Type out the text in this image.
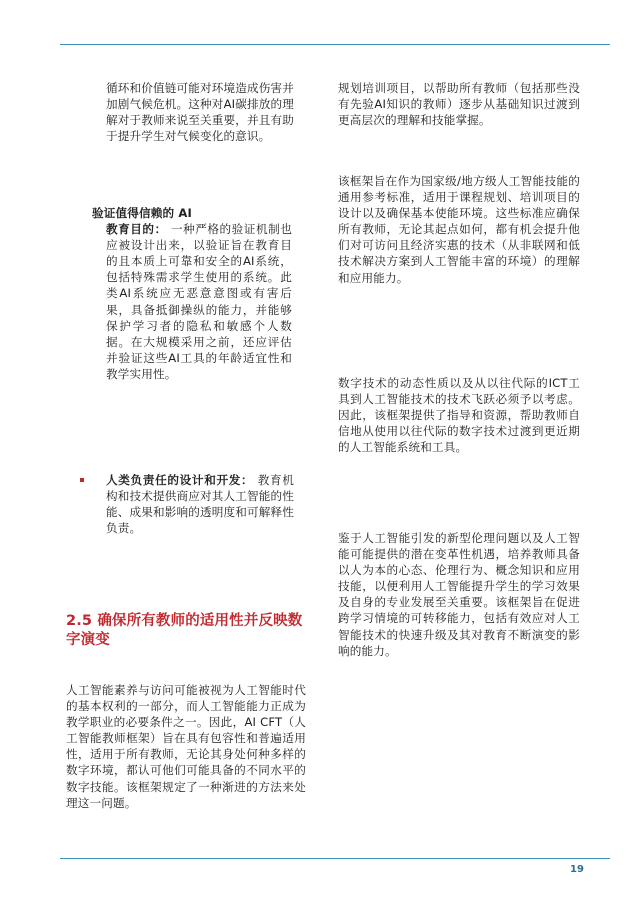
循环和价值链可能对环境造成伤害并加剧气候危机。这种对AI碳排放的理解对于教师来说至关重要，并且有助于提升学生对气候变化的意识。

验证值得信赖的 AI

教育目的： 一种严格的验证机制也应被设计出来，以验证旨在教育目的且本质上可靠和安全的AI系统，包括特殊需求学生使用的系统。此类AI系统应无恶意意图或有害后果，具备抵御操纵的能力，并能够保护学习者的隐私和敏感个人数据。在大规模采用之前，还应评估并验证这些AI工具的年龄适宜性和教学实用性。

人类负责任的设计和开发： 教育机构和技术提供商应对其人工智能的性能、成果和影响的透明度和可解释性负责。

2.5 确保所有教师的适用性并反映数字演变

人工智能素养与访问可能被视为人工智能时代的基本权利的一部分，而人工智能能力正成为教学职业的必要条件之一。因此，AI CFT（人工智能教师框架）旨在具有包容性和普遍适用性，适用于所有教师，无论其身处何种多样的数字环境，都认可他们可能具备的不同水平的数字技能。该框架规定了一种渐进的方法来处理这一问题。

规划培训项目，以帮助所有教师（包括那些没有先验AI知识的教师）逐步从基础知识过渡到更高层次的理解和技能掌握。

该框架旨在作为国家级/地方级人工智能技能的通用参考标准，适用于课程规划、培训项目的设计以及确保基本使能环境。这些标准应确保所有教师，无论其起点如何，都有机会提升他们对可访问且经济实惠的技术（从非联网和低技术解决方案到人工智能丰富的环境）的理解和应用能力。

数字技术的动态性质以及从以往代际的ICT工具到人工智能技术的技术飞跃必须予以考虑。因此，该框架提供了指导和资源，帮助教师自信地从使用以往代际的数字技术过渡到更近期的人工智能系统和工具。

鉴于人工智能引发的新型伦理问题以及人工智能可能提供的潜在变革性机遇，培养教师具备以人为本的心态、伦理行为、概念知识和应用技能，以便利用人工智能提升学生的学习效果及自身的专业发展至关重要。该框架旨在促进跨学习情境的可转移能力，包括有效应对人工智能技术的快速升级及其对教育不断演变的影响的能力。

19
